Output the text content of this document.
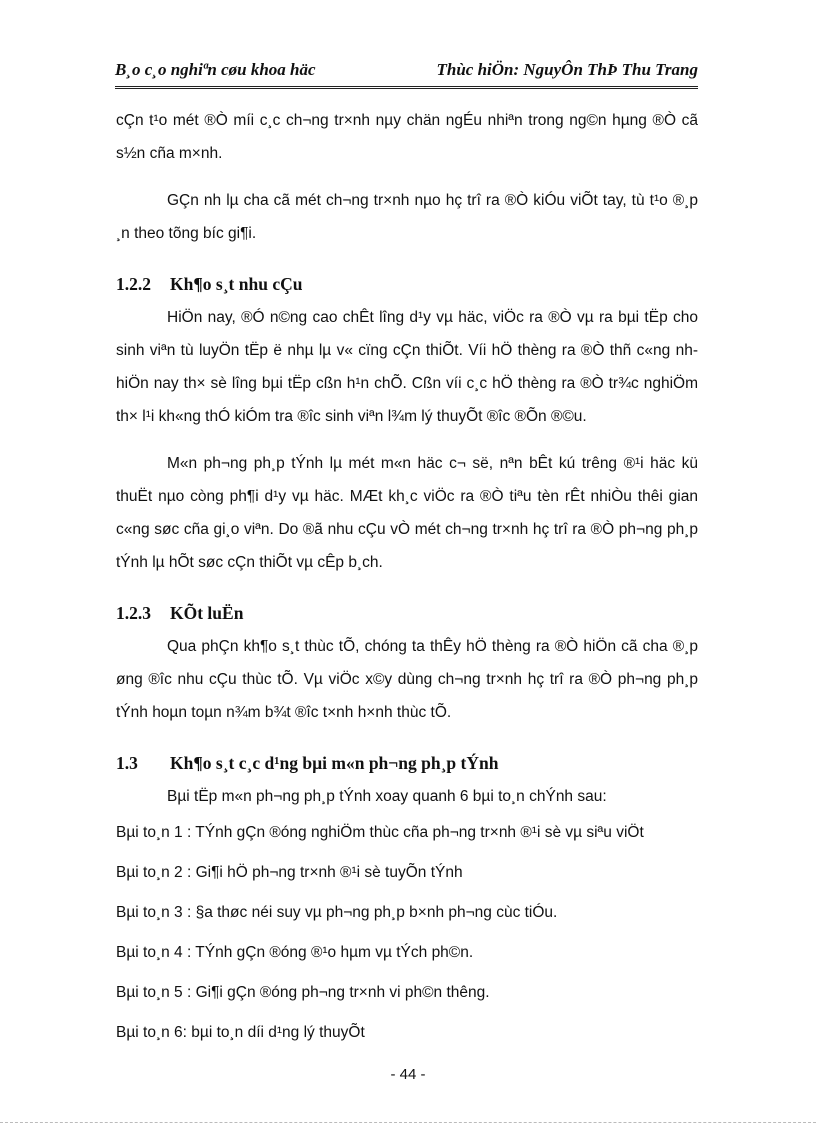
B¸o c¸o nghiªn cøu khoa häc	Thùc hiÖn: NguyÔn ThÞ Thu Trang

cÇn t¹o mét ®Ò míi c¸c ch¬ng tr×nh nµy chän ngÉu nhiªn trong ng©n hµng ®Ò cã s½n cña m×nh.

GÇn nh lµ cha cã mét ch¬ng tr×nh nµo hç trî ra ®Ò kiÓu viÕt tay, tù t¹o ®¸p ¸n theo tõng bíc gi¶i.

1.2.2	Kh¶o s¸t nhu cÇu

HiÖn nay, ®Ó n©ng cao chÊt lîng d¹y vµ häc, viÖc ra ®Ò vµ ra bµi tËp cho sinh viªn tù luyÖn tËp ë nhµ lµ v« cïng cÇn thiÕt. Víi hÖ thèng ra ®Ò thñ c«ng nh hiÖn nay th× sè lîng bµi tËp cßn h¹n chÕ. Cßn víi c¸c hÖ thèng ra ®Ò tr¾c nghiÖm th× l¹i kh«ng thÓ kiÓm tra ®îc sinh viªn l¾m lý thuyÕt ®îc ®Õn ®©u.

M«n ph¬ng ph¸p tÝnh lµ mét m«n häc c¬ së, nªn bÊt kú trêng ®¹i häc kü thuËt nµo còng ph¶i d¹y vµ häc. MÆt kh¸c viÖc ra ®Ò tiªu tèn rÊt nhiÒu thêi gian c«ng søc cña gi¸o viªn. Do ®ã nhu cÇu vÒ mét ch¬ng tr×nh hç trî ra ®Ò ph¬ng ph¸p tÝnh lµ hÕt søc cÇn thiÕt vµ cÊp b¸ch.

1.2.3	KÕt luËn

Qua phÇn kh¶o s¸t thùc tÕ, chóng ta thÊy hÖ thèng ra ®Ò hiÖn cã cha ®¸p øng ®îc nhu cÇu thùc tÕ. Vµ viÖc x©y dùng ch¬ng tr×nh hç trî ra ®Ò ph¬ng ph¸p tÝnh hoµn toµn n¾m b¾t ®îc t×nh h×nh thùc tÕ.

1.3	Kh¶o s¸t c¸c d¹ng bµi m«n ph¬ng ph¸p tÝnh

Bµi tËp m«n ph¬ng ph¸p tÝnh xoay quanh 6 bµi to¸n chÝnh sau:

Bµi to¸n 1 : TÝnh gÇn ®óng nghiÖm thùc cña ph¬ng tr×nh ®¹i sè vµ siªu viÖt

Bµi to¸n 2 : Gi¶i hÖ ph¬ng tr×nh ®¹i sè tuyÕn tÝnh

Bµi to¸n 3 : §a thøc néi suy vµ ph¬ng ph¸p b×nh ph¬ng cùc tiÓu.

Bµi to¸n 4 : TÝnh gÇn ®óng ®¹o hµm vµ tÝch ph©n.

Bµi to¸n 5 : Gi¶i gÇn ®óng ph¬ng tr×nh vi ph©n thêng.

Bµi to¸n 6: bµi to¸n díi d¹ng lý thuyÕt

- 44 -
